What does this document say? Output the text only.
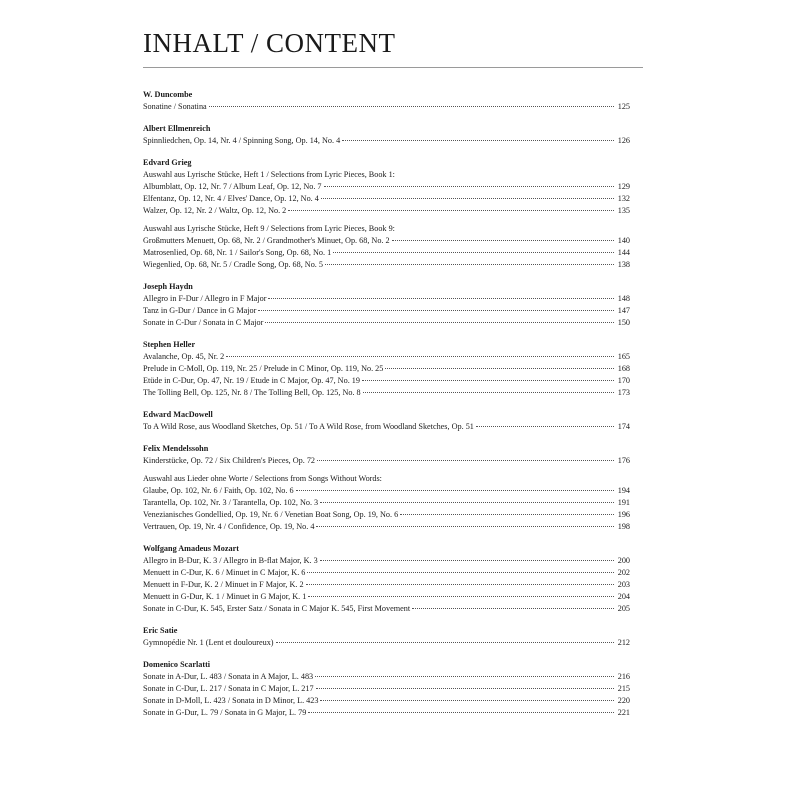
INHALT / CONTENT
W. Duncombe
Sonatine / Sonatina	125
Albert Ellmenreich
Spinnliedchen, Op. 14, Nr. 4 / Spinning Song, Op. 14, No. 4	126
Edvard Grieg
Auswahl aus Lyrische Stücke, Heft 1 / Selections from Lyric Pieces, Book 1:
Albumblatt, Op. 12, Nr. 7 / Album Leaf, Op. 12, No. 7	129
Elfentanz, Op. 12, Nr. 4 / Elves' Dance, Op. 12, No. 4	132
Walzer, Op. 12, Nr. 2 / Waltz, Op. 12, No. 2	135
Auswahl aus Lyrische Stücke, Heft 9 / Selections from Lyric Pieces, Book 9:
Großmutters Menuett, Op. 68, Nr. 2 / Grandmother's Minuet, Op. 68, No. 2	140
Matrosenlied, Op. 68, Nr. 1 / Sailor's Song, Op. 68, No. 1	144
Wiegenlied, Op. 68, Nr. 5 / Cradle Song, Op. 68, No. 5	138
Joseph Haydn
Allegro in F-Dur / Allegro in F Major	148
Tanz in G-Dur / Dance in G Major	147
Sonate in C-Dur / Sonata in C Major	150
Stephen Heller
Avalanche, Op. 45, Nr. 2	165
Prelude in C-Moll, Op. 119, Nr. 25 / Prelude in C Minor, Op. 119, No. 25	168
Etüde in C-Dur, Op. 47, Nr. 19 / Etude in C Major, Op. 47, No. 19	170
The Tolling Bell, Op. 125, Nr. 8 / The Tolling Bell, Op. 125, No. 8	173
Edward MacDowell
To A Wild Rose, aus Woodland Sketches, Op. 51 / To A Wild Rose, from Woodland Sketches, Op. 51	174
Felix Mendelssohn
Kinderstücke, Op. 72 / Six Children's Pieces, Op. 72	176
Auswahl aus Lieder ohne Worte / Selections from Songs Without Words:
Glaube, Op. 102, Nr. 6 / Faith, Op. 102, No. 6	194
Tarantella, Op. 102, Nr. 3 / Tarantella, Op. 102, No. 3	191
Venezianisches Gondellied, Op. 19, Nr. 6 / Venetian Boat Song, Op. 19, No. 6	196
Vertrauen, Op. 19, Nr. 4 / Confidence, Op. 19, No. 4	198
Wolfgang Amadeus Mozart
Allegro in B-Dur, K. 3 / Allegro in B-flat Major, K. 3	200
Menuett in C-Dur, K. 6 / Minuet in C Major, K. 6	202
Menuett in F-Dur, K. 2 / Minuet in F Major, K. 2	203
Menuett in G-Dur, K. 1 / Minuet in G Major, K. 1	204
Sonate in C-Dur, K. 545, Erster Satz / Sonata in C Major K. 545, First Movement	205
Eric Satie
Gymnopédie Nr. 1 (Lent et douloureux)	212
Domenico Scarlatti
Sonate in A-Dur, L. 483 / Sonata in A Major, L. 483	216
Sonate in C-Dur, L. 217 / Sonata in C Major, L. 217	215
Sonate in D-Moll, L. 423 / Sonata in D Minor, L. 423	220
Sonate in G-Dur, L. 79 / Sonata in G Major, L. 79	221
